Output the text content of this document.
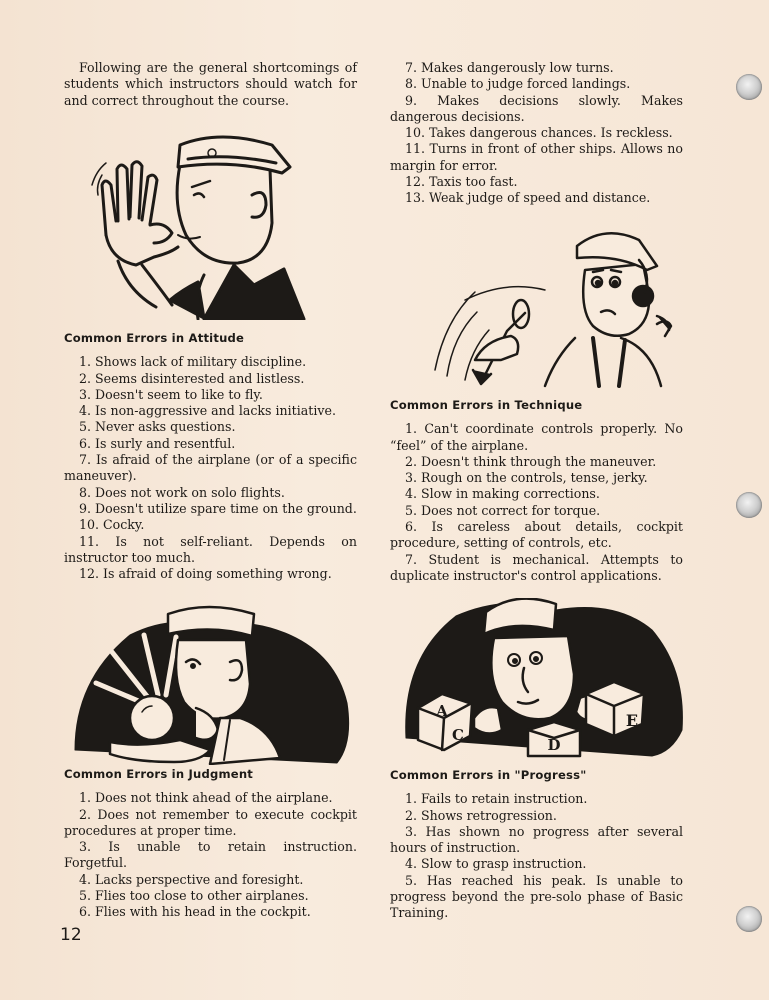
Following are the general shortcomings of students which instructors should watch for and correct throughout the course.

Common Errors in Attitude
1. Shows lack of military discipline.
2. Seems disinterested and listless.
3. Doesn't seem to like to fly.
4. Is non-aggressive and lacks initiative.
5. Never asks questions.
6. Is surly and resentful.
7. Is afraid of the airplane (or of a specific maneuver).
8. Does not work on solo flights.
9. Doesn't utilize spare time on the ground.
10. Cocky.
11. Is not self-reliant. Depends on instructor too much.
12. Is afraid of doing something wrong.
Common Errors in Judgment
1. Does not think ahead of the airplane.
2. Does not remember to execute cockpit procedures at proper time.
3. Is unable to retain instruction. Forgetful.
4. Lacks perspective and foresight.
5. Flies too close to other airplanes.
6. Flies with his head in the cockpit.
7. Makes dangerously low turns.
8. Unable to judge forced landings.
9. Makes decisions slowly. Makes dangerous decisions.
10. Takes dangerous chances. Is reckless.
11. Turns in front of other ships. Allows no margin for error.
12. Taxis too fast.
13. Weak judge of speed and distance.
Common Errors in Technique
1. Can't coordinate controls properly. No “feel” of the airplane.
2. Doesn't think through the maneuver.
3. Rough on the controls, tense, jerky.
4. Slow in making corrections.
5. Does not correct for torque.
6. Is careless about details, cockpit procedure, setting of controls, etc.
7. Student is mechanical. Attempts to duplicate instructor's control applications.
A
C
D
E
Common Errors in "Progress"
1. Fails to retain instruction.
2. Shows retrogression.
3. Has shown no progress after several hours of instruction.
4. Slow to grasp instruction.
5. Has reached his peak. Is unable to progress beyond the pre-solo phase of Basic Training.
12
